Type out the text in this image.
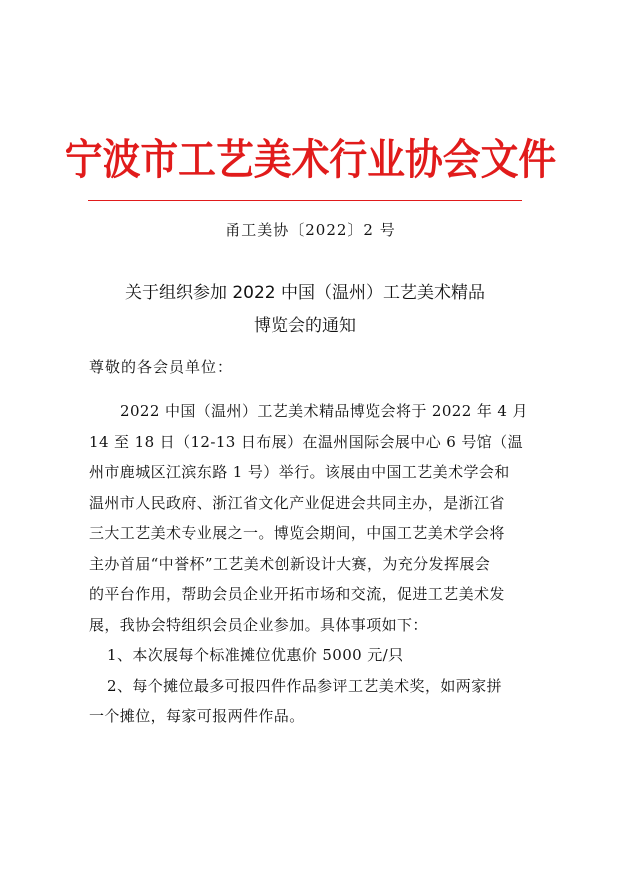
宁波市工艺美术行业协会文件
甬工美协〔2022〕2 号
关于组织参加 2022 中国（温州）工艺美术精品
博览会的通知
尊敬的各会员单位：

2022 中国（温州）工艺美术精品博览会将于 2022 年 4 月
14 至 18 日（12-13 日布展）在温州国际会展中心 6 号馆（温
州市鹿城区江滨东路 1 号）举行。该展由中国工艺美术学会和
温州市人民政府、浙江省文化产业促进会共同主办，是浙江省
三大工艺美术专业展之一。博览会期间，中国工艺美术学会将
主办首届“中誉杯”工艺美术创新设计大赛，为充分发挥展会
的平台作用，帮助会员企业开拓市场和交流，促进工艺美术发
展，我协会特组织会员企业参加。具体事项如下：

1、本次展每个标准摊位优惠价 5000 元/只

2、每个摊位最多可报四件作品参评工艺美术奖，如两家拼
一个摊位，每家可报两件作品。
